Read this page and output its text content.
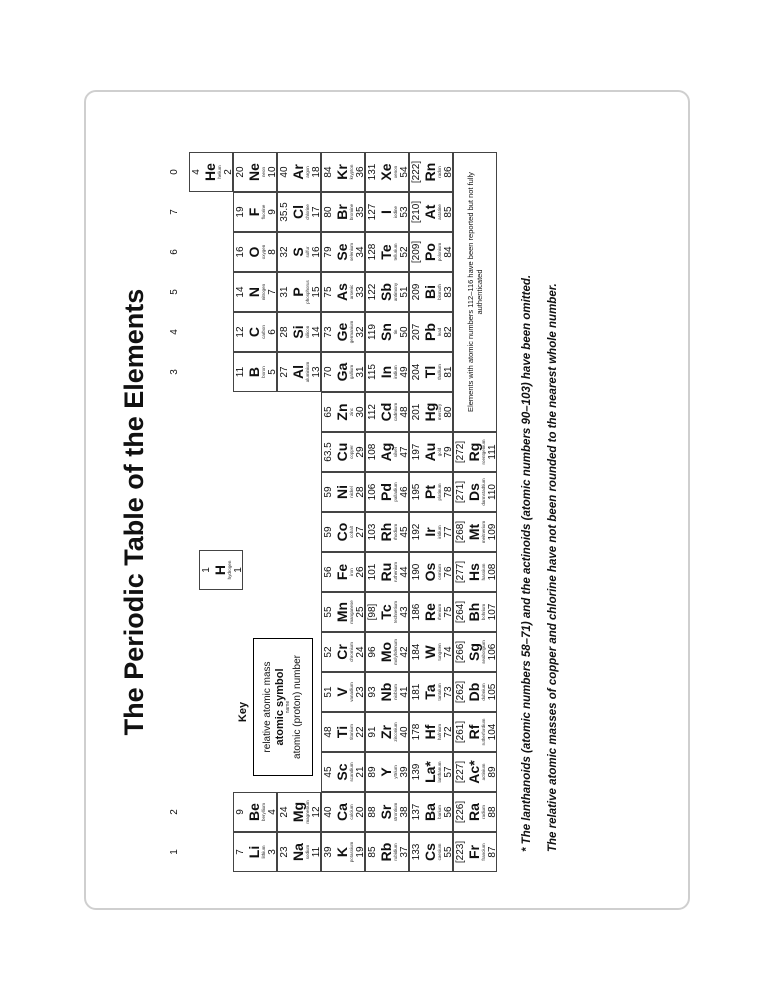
The Periodic Table of the Elements
1
2
3
4
5
6
7
0
Key relative atomic mass atomic symbol name atomic (proton) number
1 H hydrogen 1
4 He helium 2
7 Li lithium 3
9 Be beryllium 4
11 B boron 5
12 C carbon 6
14 N nitrogen 7
16 O oxygen 8
19 F fluorine 9
20 Ne neon 10
23 Na sodium 11
24 Mg magnesium 12
27 Al aluminium 13
28 Si silicon 14
31 P phosphorus 15
32 S sulfur 16
35.5 Cl chlorine 17
40 Ar argon 18
39 K potassium 19
40 Ca calcium 20
45 Sc scandium 21
48 Ti titanium 22
51 V vanadium 23
52 Cr chromium 24
55 Mn manganese 25
56 Fe iron 26
59 Co cobalt 27
59 Ni nickel 28
63.5 Cu copper 29
65 Zn zinc 30
70 Ga gallium 31
73 Ge germanium 32
75 As arsenic 33
79 Se selenium 34
80 Br bromine 35
84 Kr krypton 36
85 Rb rubidium 37
88 Sr strontium 38
89 Y yttrium 39
91 Zr zirconium 40
93 Nb niobium 41
96 Mo molybdenum 42
[98] Tc technetium 43
101 Ru ruthenium 44
103 Rh rhodium 45
106 Pd palladium 46
108 Ag silver 47
112 Cd cadmium 48
115 In indium 49
119 Sn tin 50
122 Sb antimony 51
128 Te tellurium 52
127 I iodine 53
131 Xe xenon 54
133 Cs caesium 55
137 Ba barium 56
139 La* lanthanum 57
178 Hf hafnium 72
181 Ta tantalum 73
184 W tungsten 74
186 Re rhenium 75
190 Os osmium 76
192 Ir iridium 77
195 Pt platinum 78
197 Au gold 79
201 Hg mercury 80
204 Tl thallium 81
207 Pb lead 82
209 Bi bismuth 83
[209] Po polonium 84
[210] At astatine 85
[222] Rn radon 86
[223] Fr francium 87
[226] Ra radium 88
[227] Ac* actinium 89
[261] Rf rutherfordium 104
[262] Db dubnium 105
[266] Sg seaborgium 106
[264] Bh bohrium 107
[277] Hs hassium 108
[268] Mt meitnerium 109
[271] Ds darmstadtium 110
[272] Rg roentgenium 111
Elements with atomic numbers 112–116 have been reported but not fully authenticated	* The lanthanoids (atomic numbers 58–71) and the actinoids (atomic numbers 90–103) have been omitted. The relative atomic masses of copper and chlorine have not been rounded to the nearest whole number.
